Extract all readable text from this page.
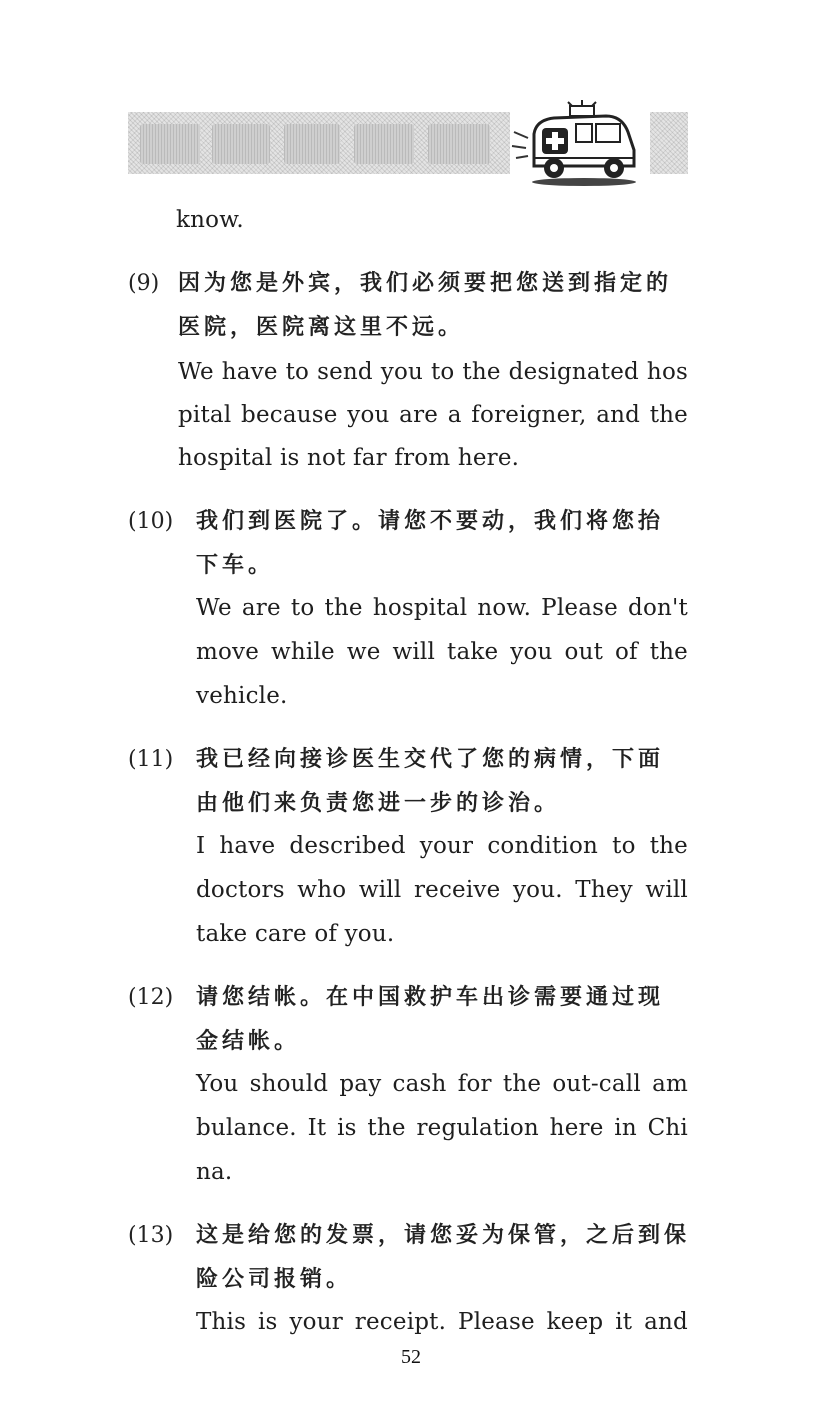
know.
(9) 因为您是外宾，我们必须要把您送到指定的
医院，医院离这里不远。
We have to send you to the designated hos
pital because you are a foreigner, and the
hospital is not far from here.
(10) 我们到医院了。请您不要动，我们将您抬
下车。
We are to the hospital now. Please don't
move while we will take you out of the
vehicle.
(11) 我已经向接诊医生交代了您的病情，下面
由他们来负责您进一步的诊治。
I have described your condition to the
doctors who will receive you. They will
take care of you.
(12) 请您结帐。在中国救护车出诊需要通过现
金结帐。
You should pay cash for the out-call am
bulance. It is the regulation here in Chi
na.
(13) 这是给您的发票，请您妥为保管，之后到保
险公司报销。
This is your receipt. Please keep it and
52
